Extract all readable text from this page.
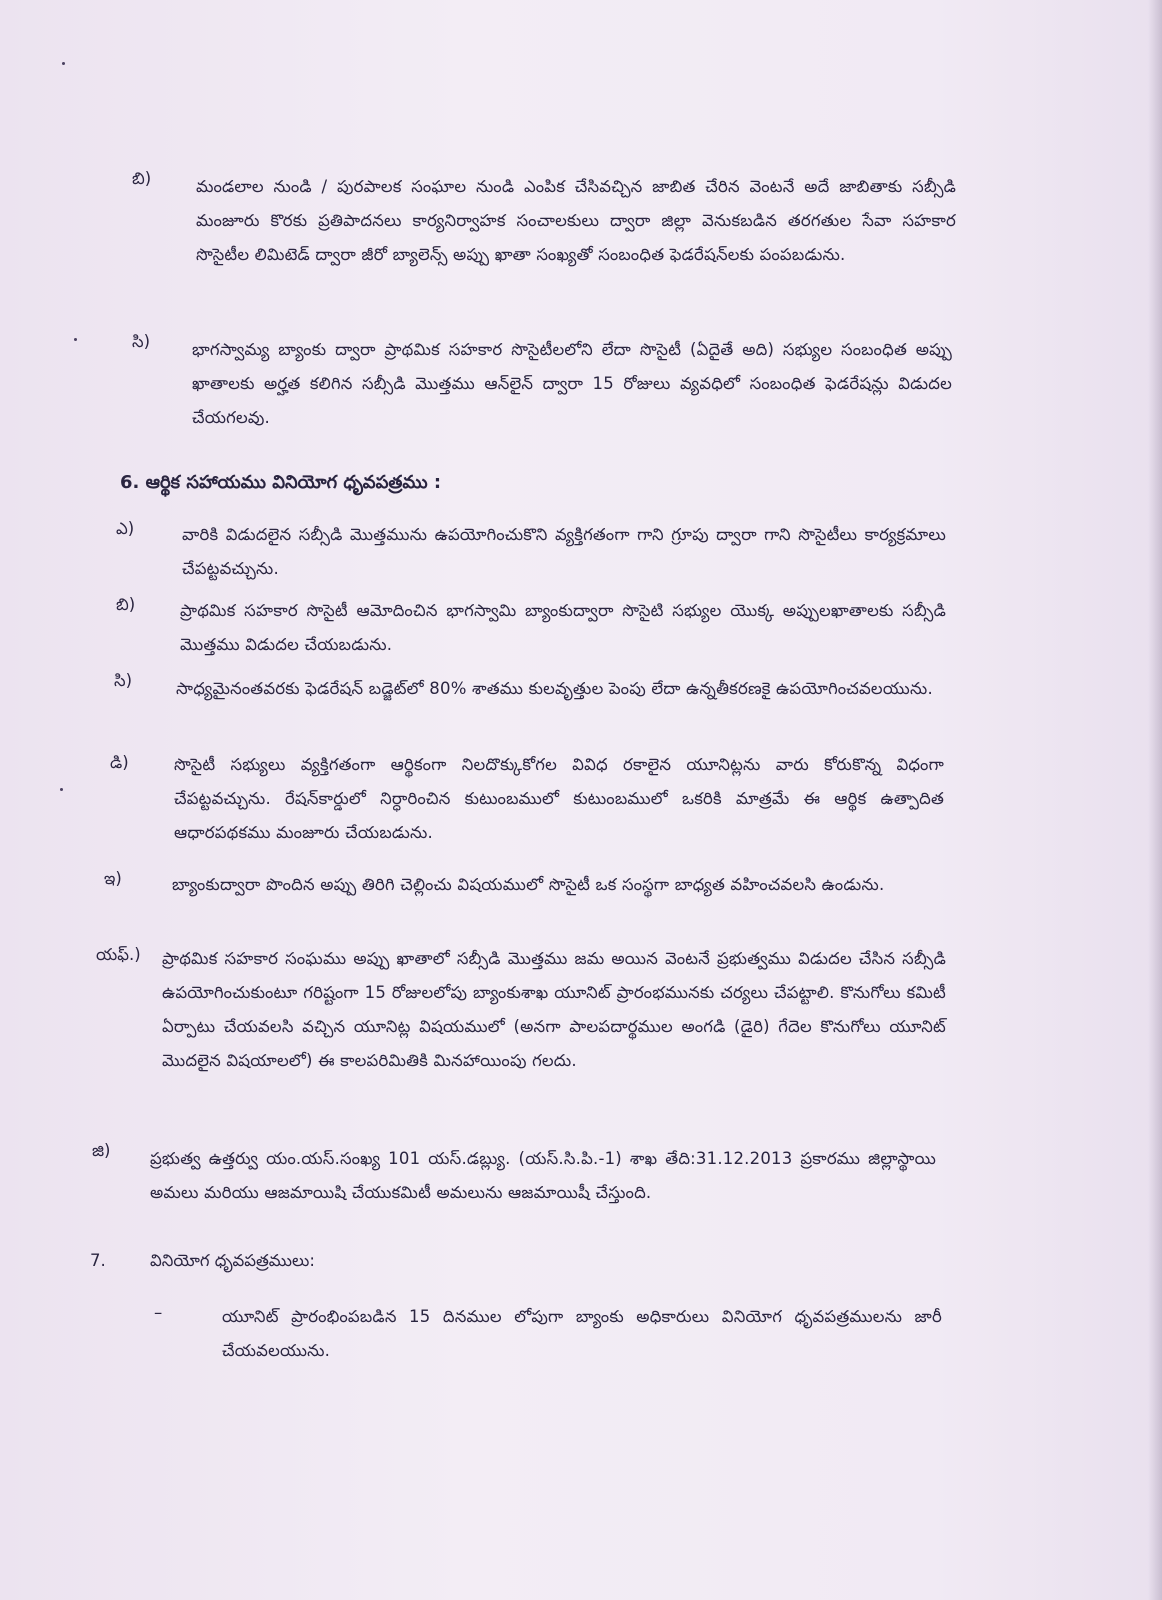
బి)	మండలాల నుండి / పురపాలక సంఘాల నుండి ఎంపిక చేసివచ్చిన జాబిత చేరిన వెంటనే అదే జాబితాకు సబ్సీడి మంజూరు కొరకు ప్రతిపాదనలు కార్యనిర్వాహక సంచాలకులు ద్వారా జిల్లా వెనుకబడిన తరగతుల సేవా సహకార సొసైటీల లిమిటెడ్ ద్వారా జీరో బ్యాలెన్స్ అప్పు ఖాతా సంఖ్యతో సంబంధిత ఫెడరేషన్‌లకు పంపబడును.
సి)	భాగస్వామ్య బ్యాంకు ద్వారా ప్రాథమిక సహకార సొసైటీలలోని లేదా సొసైటీ (ఏదైతే అది) సభ్యుల సంబంధిత అప్పు ఖాతాలకు అర్హత కలిగిన సబ్సీడి మొత్తము ఆన్‌లైన్ ద్వారా 15 రోజులు వ్యవధిలో సంబంధిత ఫెడరేషన్లు విడుదల చేయగలవు.
6. ఆర్థిక సహాయము వినియోగ ధృవపత్రము :
ఎ)	వారికి విడుదలైన సబ్సీడి మొత్తమును ఉపయోగించుకొని వ్యక్తిగతంగా గాని గ్రూపు ద్వారా గాని సొసైటీలు కార్యక్రమాలు చేపట్టవచ్చును.
బి)	ప్రాథమిక సహకార సొసైటీ ఆమోదించిన భాగస్వామి బ్యాంకుద్వారా సొసైటి సభ్యుల యొక్క అప్పులఖాతాలకు సబ్సీడి మొత్తము విడుదల చేయబడును.
సి)	సాధ్యమైనంతవరకు ఫెడరేషన్ బడ్జెట్‌లో 80% శాతము కులవృత్తుల పెంపు లేదా ఉన్నతీకరణకై ఉపయోగించవలయును.
డి)	సొసైటీ సభ్యులు వ్యక్తిగతంగా ఆర్థికంగా నిలదొక్కుకోగల వివిధ రకాలైన యూనిట్లను వారు కోరుకొన్న విధంగా చేపట్టవచ్చును. రేషన్‌కార్డులో నిర్ధారించిన కుటుంబములో కుటుంబములో ఒకరికి మాత్రమే ఈ ఆర్థిక ఉత్పాదిత ఆధారపథకము మంజూరు చేయబడును.
ఇ)	బ్యాంకుద్వారా పొందిన అప్పు తిరిగి చెల్లించు విషయములో సొసైటీ ఒక సంస్థగా బాధ్యత వహించవలసి ఉండును.
యఫ్.) ప్రాథమిక సహకార సంఘము అప్పు ఖాతాలో సబ్సీడి మొత్తము జమ అయిన వెంటనే ప్రభుత్వము విడుదల చేసిన సబ్సీడి ఉపయోగించుకుంటూ గరిష్టంగా 15 రోజులలోపు బ్యాంకుశాఖ యూనిట్ ప్రారంభమునకు చర్యలు చేపట్టాలి. కొనుగోలు కమిటీ ఏర్పాటు చేయవలసి వచ్చిన యూనిట్ల విషయములో (అనగా పాలపదార్థముల అంగడి (డైరి) గేదెల కొనుగోలు యూనిట్ మొదలైన విషయాలలో) ఈ కాలపరిమితికి మినహాయింపు గలదు.
జి) ప్రభుత్వ ఉత్తర్వు యం.యస్.సంఖ్య 101 యస్.డబ్ల్యు. (యస్.సి.పి.-1) శాఖ తేది:31.12.2013 ప్రకారము జిల్లాస్థాయి అమలు మరియు ఆజమాయిషి చేయుకమిటీ అమలును ఆజమాయిషీ చేస్తుంది.
7.	వినియోగ ధృవపత్రములు:
–	యూనిట్ ప్రారంభింపబడిన 15 దినముల లోపుగా బ్యాంకు అధికారులు వినియోగ ధృవపత్రములను జారీ చేయవలయును.
